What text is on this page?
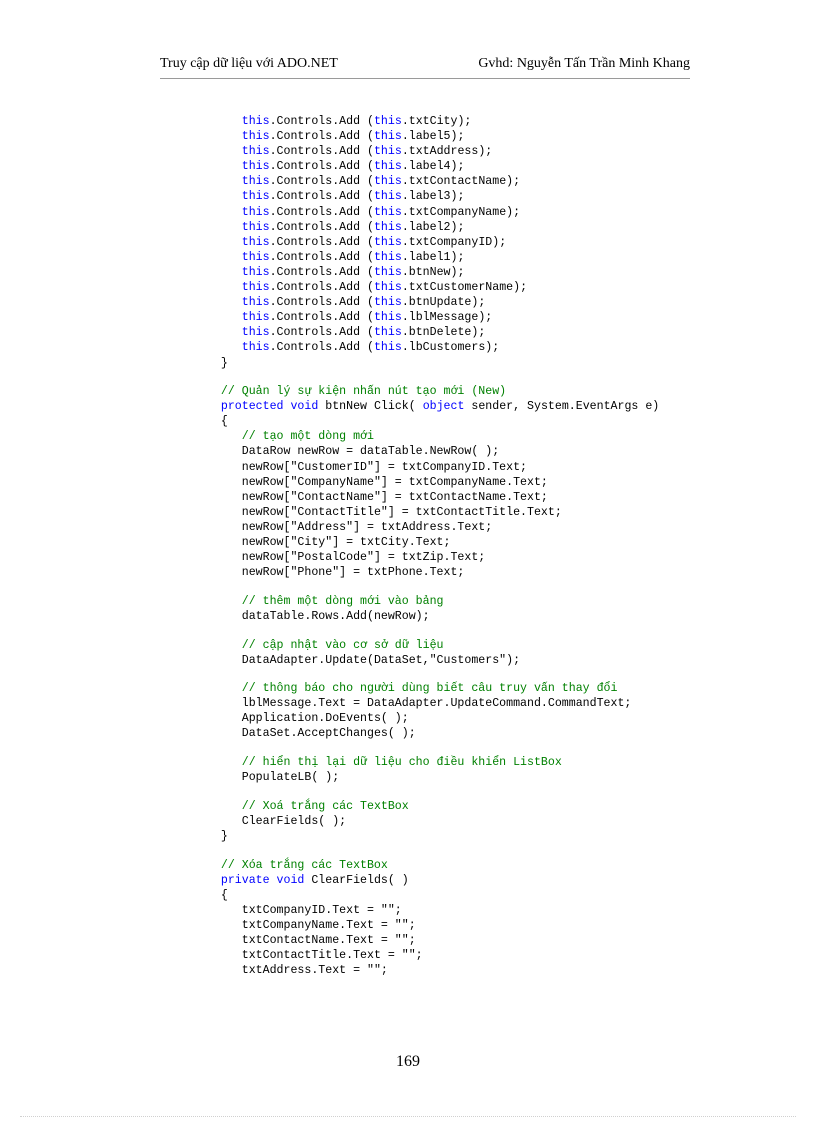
Truy cập dữ liệu với ADO.NET	Gvhd: Nguyễn Tấn Trần Minh Khang
this.Controls.Add (this.txtCity);
this.Controls.Add (this.label5);
this.Controls.Add (this.txtAddress);
this.Controls.Add (this.label4);
this.Controls.Add (this.txtContactName);
this.Controls.Add (this.label3);
this.Controls.Add (this.txtCompanyName);
this.Controls.Add (this.label2);
this.Controls.Add (this.txtCompanyID);
this.Controls.Add (this.label1);
this.Controls.Add (this.btnNew);
this.Controls.Add (this.txtCustomerName);
this.Controls.Add (this.btnUpdate);
this.Controls.Add (this.lblMessage);
this.Controls.Add (this.btnDelete);
this.Controls.Add (this.lbCustomers);
}
// Quản lý sự kiện nhấn nút tạo mới (New)
protected void btnNew Click( object sender, System.EventArgs e)
{
// tạo một dòng mới
DataRow newRow = dataTable.NewRow( );
newRow["CustomerID"] = txtCompanyID.Text;
newRow["CompanyName"] = txtCompanyName.Text;
newRow["ContactName"] = txtContactName.Text;
newRow["ContactTitle"] = txtContactTitle.Text;
newRow["Address"] = txtAddress.Text;
newRow["City"] = txtCity.Text;
newRow["PostalCode"] = txtZip.Text;
newRow["Phone"] = txtPhone.Text;
// thêm một dòng mới vào bảng
dataTable.Rows.Add(newRow);
// cập nhật vào cơ sở dữ liệu
DataAdapter.Update(DataSet,"Customers");
// thông báo cho người dùng biết câu truy vấn thay đổi
lblMessage.Text = DataAdapter.UpdateCommand.CommandText;
Application.DoEvents( );
DataSet.AcceptChanges( );
// hiển thị lại dữ liệu cho điều khiển ListBox
PopulateLB( );
// Xoá trắng các TextBox
ClearFields( );
}
// Xóa trắng các TextBox
private void ClearFields( )
{
txtCompanyID.Text = "";
txtCompanyName.Text = "";
txtContactName.Text = "";
txtContactTitle.Text = "";
txtAddress.Text = "";
169
